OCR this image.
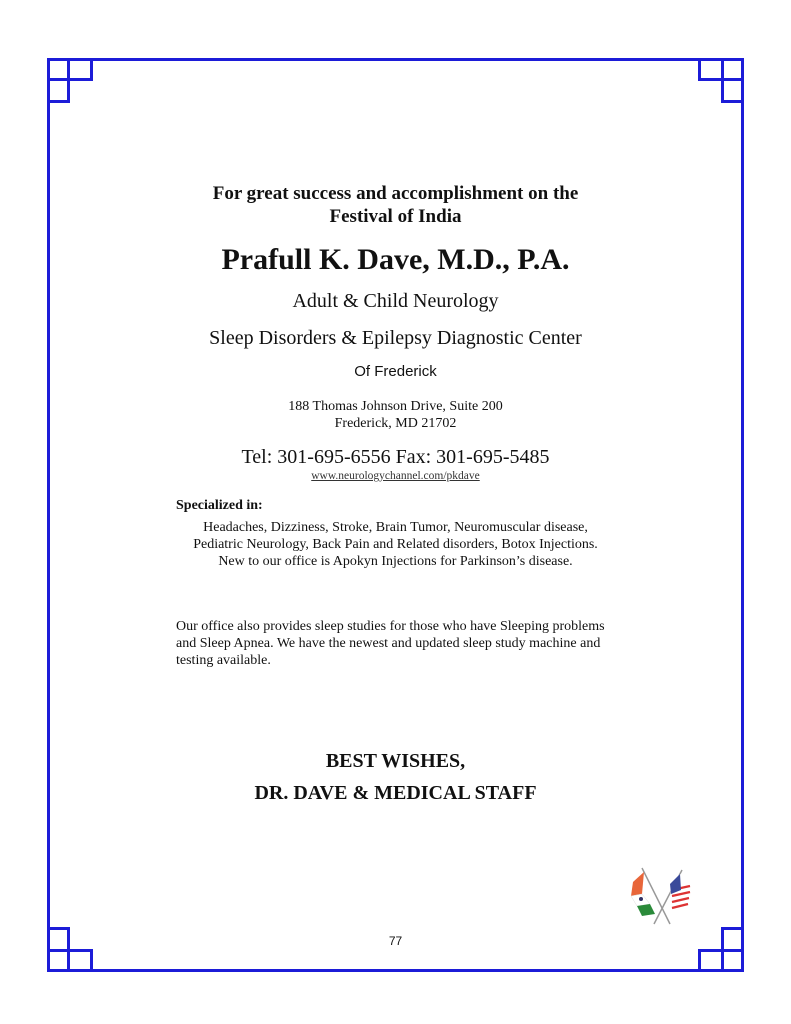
For great success and accomplishment on the
Festival of India
Prafull K. Dave, M.D., P.A.
Adult & Child Neurology
Sleep Disorders & Epilepsy Diagnostic Center
Of Frederick
188 Thomas Johnson Drive, Suite 200
Frederick, MD 21702
Tel: 301-695-6556 Fax: 301-695-5485
www.neurologychannel.com/pkdave
Specialized in:
Headaches, Dizziness, Stroke, Brain Tumor, Neuromuscular disease,
Pediatric Neurology, Back Pain and Related disorders, Botox Injections.
New to our office is Apokyn Injections for Parkinson’s disease.
Our office also provides sleep studies for those who have Sleeping problems
and Sleep Apnea. We have the newest and updated sleep study machine and
testing available.
BEST WISHES,
DR. DAVE & MEDICAL STAFF
77
